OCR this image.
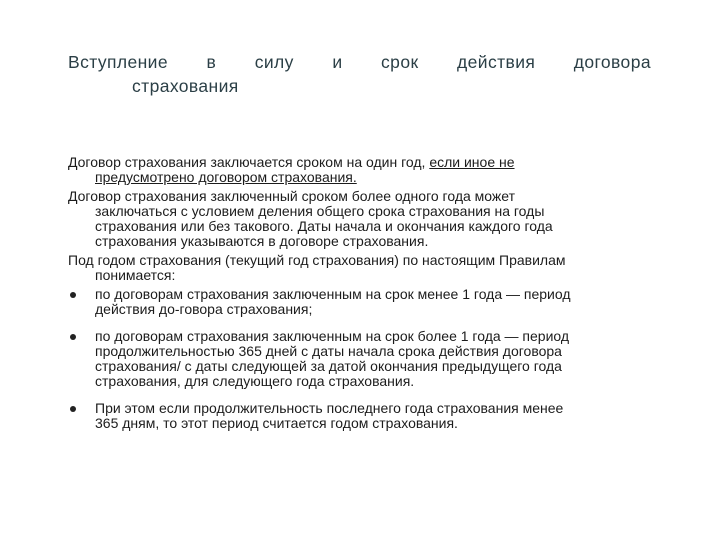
Вступление в силу и срок действия договора
страхования
Договор страхования заключается сроком на один год, если иное не
предусмотрено договором страхования.
Договор страхования заключенный сроком более одного года может
заключаться с условием деления общего срока страхования на годы
страхования или без такового. Даты начала и окончания каждого года
страхования указываются в договоре страхования.
Под годом страхования (текущий год страхования) по настоящим Правилам
понимается:
по договорам страхования заключенным на срок менее 1 года — период
действия до-говора страхования;
по договорам страхования заключенным на срок более 1 года — период
продолжительностью 365 дней с даты начала срока действия договора
страхования/ с даты следующей за датой окончания предыдущего года
страхования, для следующего года страхования.
При этом если продолжительность последнего года страхования менее
365 дням, то этот период считается годом страхования.
